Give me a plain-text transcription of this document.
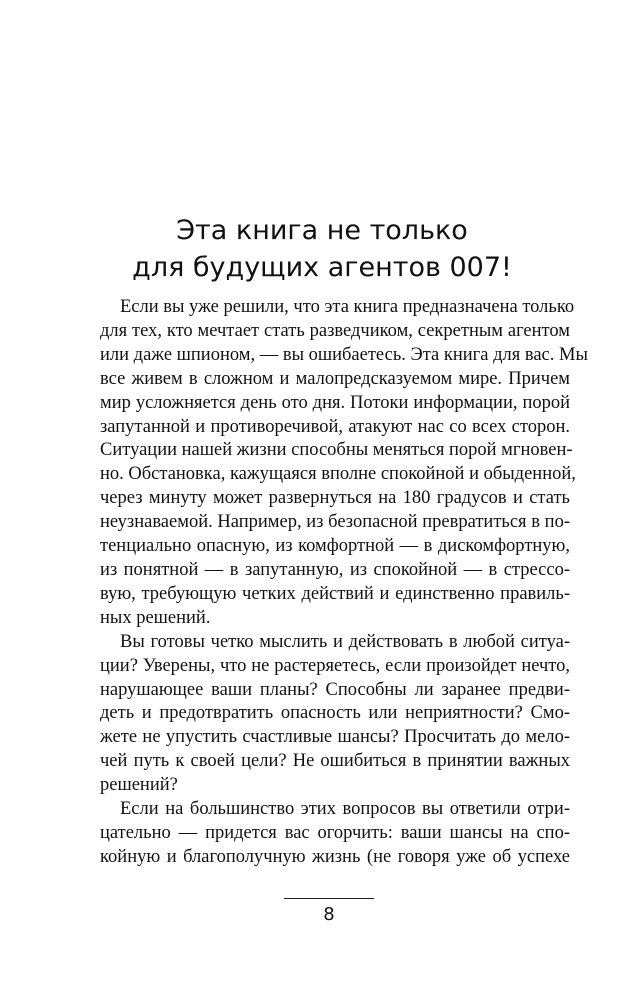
Эта книга не только
для будущих агентов 007!

Если вы уже решили, что эта книга предназначена только
для тех, кто мечтает стать разведчиком, секретным агентом
или даже шпионом, — вы ошибаетесь. Эта книга для вас. Мы
все живем в сложном и малопредсказуемом мире. Причем
мир усложняется день ото дня. Потоки информации, порой
запутанной и противоречивой, атакуют нас со всех сторон.
Ситуации нашей жизни способны меняться порой мгновен-
но. Обстановка, кажущаяся вполне спокойной и обыденной,
через минуту может развернуться на 180 градусов и стать
неузнаваемой. Например, из безопасной превратиться в по-
тенциально опасную, из комфортной — в дискомфортную,
из понятной — в запутанную, из спокойной — в стрессо-
вую, требующую четких действий и единственно правиль-
ных решений.

Вы готовы четко мыслить и действовать в любой ситуа-
ции? Уверены, что не растеряетесь, если произойдет нечто,
нарушающее ваши планы? Способны ли заранее предви-
деть и предотвратить опасность или неприятности? Смо-
жете не упустить счастливые шансы? Просчитать до мело-
чей путь к своей цели? Не ошибиться в принятии важных
решений?

Если на большинство этих вопросов вы ответили отри-
цательно — придется вас огорчить: ваши шансы на спо-
койную и благополучную жизнь (не говоря уже об успехе

8
